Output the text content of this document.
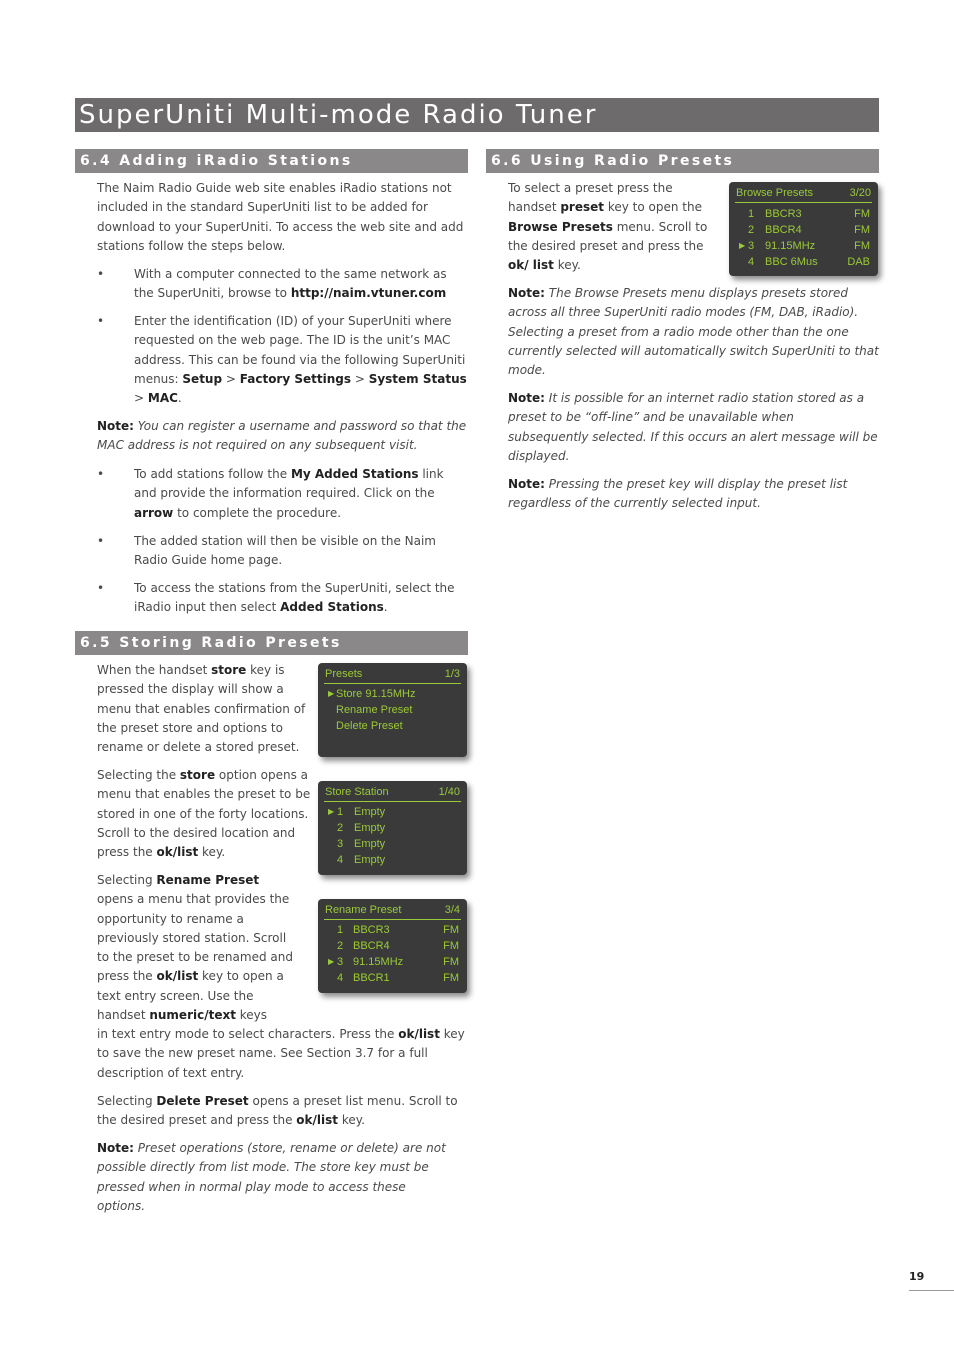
SuperUniti Multi-mode Radio Tuner
6.4 Adding iRadio Stations

The Naim Radio Guide web site enables iRadio stations not included in the standard SuperUniti list to be added for download to your SuperUniti. To access the web site and add stations follow the steps below.

• With a computer connected to the same network as the SuperUniti, browse to http://naim.vtuner.com
• Enter the identification (ID) of your SuperUniti where requested on the web page. The ID is the unit’s MAC address. This can be found via the following SuperUniti menus: Setup > Factory Settings > System Status > MAC.

Note: You can register a username and password so that the MAC address is not required on any subsequent visit.

• To add stations follow the My Added Stations link and provide the information required. Click on the arrow to complete the procedure.
• The added station will then be visible on the Naim Radio Guide home page.
• To access the stations from the SuperUniti, select the iRadio input then select Added Stations.
6.5 Storing Radio Presets

When the handset store key is pressed the display will show a menu that enables confirmation of the preset store and options to rename or delete a stored preset.

Selecting the store option opens a menu that enables the preset to be stored in one of the forty locations. Scroll to the desired location and press the ok/list key.

Selecting Rename Preset opens a menu that provides the opportunity to rename a previously stored station. Scroll to the preset to be renamed and press the ok/list key to open a text entry screen. Use the handset numeric/text keys

in text entry mode to select characters. Press the ok/list key to save the new preset name. See Section 3.7 for a full description of text entry.

Selecting Delete Preset opens a preset list menu. Scroll to the desired preset and press the ok/list key.

Note: Preset operations (store, rename or delete) are not possible directly from list mode. The store key must be pressed when in normal play mode to access these options.

Presets	1/3
▶ Store 91.15MHz
Rename Preset
Delete Preset
Store Station	1/40
▶ 1 Empty
2 Empty
3 Empty
4 Empty
Rename Preset	3/4
1 BBCR3	FM
2 BBCR4	FM
▶ 3 91.15MHz	FM
4 BBCR1	FM
6.6 Using Radio Presets

To select a preset press the handset preset key to open the Browse Presets menu. Scroll to the desired preset and press the ok/ list key.

Note: The Browse Presets menu displays presets stored across all three SuperUniti radio modes (FM, DAB, iRadio). Selecting a preset from a radio mode other than the one currently selected will automatically switch SuperUniti to that mode.

Note: It is possible for an internet radio station stored as a preset to be “off-line” and be unavailable when subsequently selected. If this occurs an alert message will be displayed.

Note: Pressing the preset key will display the preset list regardless of the currently selected input.

Browse Presets	3/20
1 BBCR3	FM
2 BBCR4	FM
▶ 3 91.15MHz	FM
4 BBC 6Mus	DAB
19
